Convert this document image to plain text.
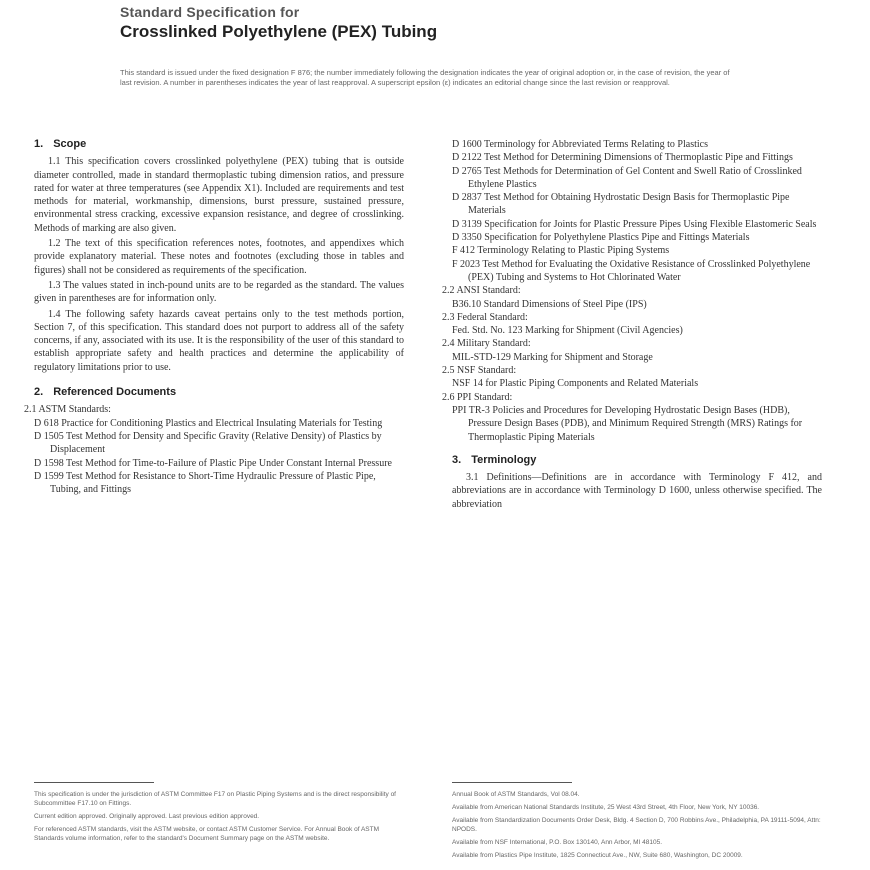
Standard Specification for
Crosslinked Polyethylene (PEX) Tubing
This standard is issued under the fixed designation F 876; the number immediately following the designation indicates the year of original adoption or, in the case of revision, the year of last revision. A number in parentheses indicates the year of last reapproval. A superscript epsilon (ε) indicates an editorial change since the last revision or reapproval.
1. Scope

1.1 This specification covers crosslinked polyethylene (PEX) tubing that is outside diameter controlled, made in standard thermoplastic tubing dimension ratios, and pressure rated for water at three temperatures (see Appendix X1). Included are requirements and test methods for material, workmanship, dimensions, burst pressure, sustained pressure, environmental stress cracking, excessive expansion resistance, and degree of crosslinking. Methods of marking are also given.

1.2 The text of this specification references notes, footnotes, and appendixes which provide explanatory material. These notes and footnotes (excluding those in tables and figures) shall not be considered as requirements of the specification.

1.3 The values stated in inch-pound units are to be regarded as the standard. The values given in parentheses are for information only.

1.4 The following safety hazards caveat pertains only to the test methods portion, Section 7, of this specification. This standard does not purport to address all of the safety concerns, if any, associated with its use. It is the responsibility of the user of this standard to establish appropriate safety and health practices and determine the applicability of regulatory limitations prior to use.

2. Referenced Documents

2.1 ASTM Standards:

D 618 Practice for Conditioning Plastics and Electrical Insulating Materials for Testing

D 1505 Test Method for Density and Specific Gravity (Relative Density) of Plastics by Displacement

D 1598 Test Method for Time-to-Failure of Plastic Pipe Under Constant Internal Pressure

D 1599 Test Method for Resistance to Short-Time Hydraulic Pressure of Plastic Pipe, Tubing, and Fittings

D 1600 Terminology for Abbreviated Terms Relating to Plastics

D 2122 Test Method for Determining Dimensions of Thermoplastic Pipe and Fittings

D 2765 Test Methods for Determination of Gel Content and Swell Ratio of Crosslinked Ethylene Plastics

D 2837 Test Method for Obtaining Hydrostatic Design Basis for Thermoplastic Pipe Materials

D 3139 Specification for Joints for Plastic Pressure Pipes Using Flexible Elastomeric Seals

D 3350 Specification for Polyethylene Plastics Pipe and Fittings Materials

F 412 Terminology Relating to Plastic Piping Systems

F 2023 Test Method for Evaluating the Oxidative Resistance of Crosslinked Polyethylene (PEX) Tubing and Systems to Hot Chlorinated Water

2.2 ANSI Standard:

B36.10 Standard Dimensions of Steel Pipe (IPS)

2.3 Federal Standard:

Fed. Std. No. 123 Marking for Shipment (Civil Agencies)

2.4 Military Standard:

MIL-STD-129 Marking for Shipment and Storage

2.5 NSF Standard:

NSF 14 for Plastic Piping Components and Related Materials

2.6 PPI Standard:

PPI TR-3 Policies and Procedures for Developing Hydrostatic Design Bases (HDB), Pressure Design Bases (PDB), and Minimum Required Strength (MRS) Ratings for Thermoplastic Piping Materials

3. Terminology

3.1 Definitions—Definitions are in accordance with Terminology F 412, and abbreviations are in accordance with Terminology D 1600, unless otherwise specified. The abbreviation

This specification is under the jurisdiction of ASTM Committee F17 on Plastic Piping Systems and is the direct responsibility of Subcommittee F17.10 on Fittings.

Current edition approved. Originally approved. Last previous edition approved.

For referenced ASTM standards, visit the ASTM website, or contact ASTM Customer Service. For Annual Book of ASTM Standards volume information, refer to the standard's Document Summary page on the ASTM website.

Annual Book of ASTM Standards, Vol 08.04.

Available from American National Standards Institute, 25 West 43rd Street, 4th Floor, New York, NY 10036.

Available from Standardization Documents Order Desk, Bldg. 4 Section D, 700 Robbins Ave., Philadelphia, PA 19111-5094, Attn: NPODS.

Available from NSF International, P.O. Box 130140, Ann Arbor, MI 48105.

Available from Plastics Pipe Institute, 1825 Connecticut Ave., NW, Suite 680, Washington, DC 20009.
